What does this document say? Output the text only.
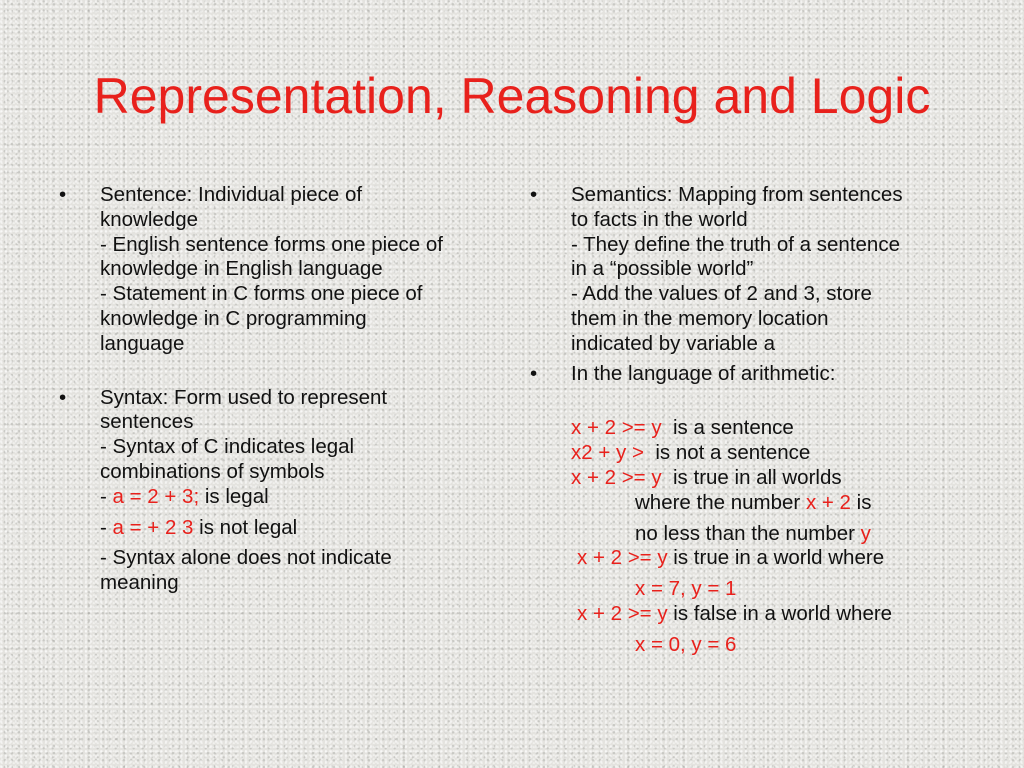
Representation, Reasoning and Logic
• Sentence: Individual piece of
knowledge
- English sentence forms one piece of
knowledge in English language
- Statement in C forms one piece of
knowledge in C programming
language
• Syntax: Form used to represent
sentences
- Syntax of C indicates legal
combinations of symbols
- a = 2 + 3; is legal
- a = + 2 3 is not legal
- Syntax alone does not indicate
meaning
• Semantics: Mapping from sentences
to facts in the world
- They define the truth of a sentence
in a “possible world”
- Add the values of 2 and 3, store
them in the memory location
indicated by variable a
• In the language of arithmetic:
x + 2 >= y  is a sentence
x2 + y >  is not a sentence
x + 2 >= y  is true in all worlds
where the number x + 2 is
no less than the number y
x + 2 >= y is true in a world where
x = 7, y = 1
x + 2 >= y is false in a world where
x = 0, y = 6
